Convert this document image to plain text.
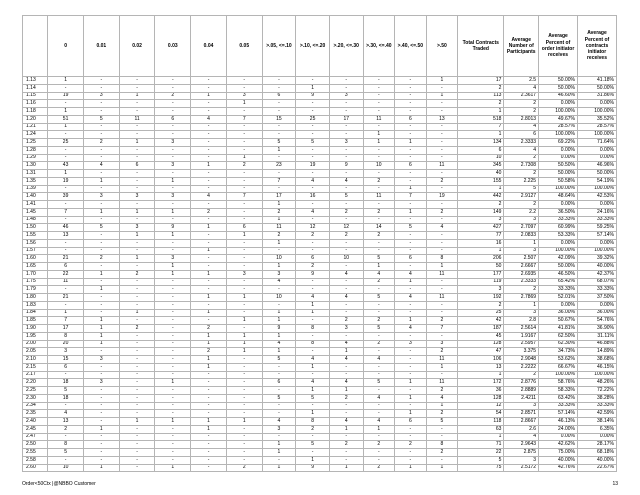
	0	0.01	0.02	0.03	0.04	0.05	>.05, <=.10	>.10, <=.20	>.20, <=.30	>.30, <=.40	>.40, <=.50	>.50	Total Contracts Traded	Average Number of Participants	Average Percent of order initiator receives	Average Percent of contracts initiator receives
1.13	1	-	-	-	-	-	-	-	-	-	-	1	17	2.5	50.00%	41.18%
1.14	-	-	-	-	-	-	-	1	-	-	-	-	2	4	50.00%	50.00%
1.15	19	3	1	2	1	3	6	9	3	-	-	1	113	2.3617	46.60%	31.86%
1.16	-	-	-	-	-	1	-	-	-	-	-	-	2	2	0.00%	0.00%
1.18	1	-	-	-	-	-	-	-	-	-	-	-	1	2	100.00%	100.00%
1.20	51	5	11	6	4	7	15	25	17	11	6	13	518	2.8013	49.67%	35.52%
1.21	1	-	-	-	-	-	-	-	-	-	-	-	7	4	28.57%	28.57%
1.24	-	-	-	-	-	-	-	-	-	1	-	-	1	6	100.00%	100.00%
1.25	25	2	1	3	-	-	5	5	3	1	1	-	134	2.3333	69.22%	71.64%
1.28	-	-	-	-	-	-	1	-	-	-	-	-	6	4	0.00%	0.00%
1.29	-	-	-	-	-	1	-	-	-	-	-	-	10	2	0.00%	0.00%
1.30	43	4	6	3	1	2	23	19	9	10	6	11	345	2.7308	50.50%	46.96%
1.31	1	-	-	-	-	-	-	-	-	-	-	-	40	2	50.00%	50.00%
1.35	19	1	-	1	-	-	7	4	4	2	-	2	155	2.225	50.58%	54.19%
1.39	-	-	-	-	-	-	-	-	-	-	1	-	1	5	100.00%	100.00%
1.40	39	3	3	3	4	7	17	16	5	11	7	19	442	2.9127	48.64%	42.53%
1.41	-	-	-	-	-	-	1	-	-	-	-	-	2	2	0.00%	0.00%
1.45	7	1	1	1	2	-	2	4	2	2	1	2	149	2.2	36.50%	24.16%
1.48	-	-	-	-	-	-	1	-	-	-	-	-	3	3	33.33%	33.33%
1.50	46	5	3	9	1	6	11	12	12	14	5	4	427	2.7097	60.99%	59.25%
1.55	13	-	1	1	-	1	2	2	2	2	-	-	77	2.0833	53.33%	57.14%
1.56	-	-	-	-	-	-	1	-	-	-	-	-	16	1	0.00%	0.00%
1.57	-	-	-	-	1	-	-	-	-	-	-	-	1	3	100.00%	100.00%
1.60	21	2	1	3	-	-	10	6	10	5	6	8	206	2.507	42.09%	39.32%
1.65	6	-	-	1	-	-	1	2	-	1	-	1	50	2.6667	50.00%	40.00%
1.70	22	1	2	1	1	3	3	9	4	4	4	11	177	2.6935	46.50%	42.37%
1.75	11	-	-	-	-	-	4	-	-	2	1	-	119	2.3333	65.42%	68.07%
1.79	-	1	-	-	-	-	-	-	-	-	-	-	3	2	33.33%	33.33%
1.80	21	-	-	-	1	1	10	4	4	5	4	11	192	2.7869	52.01%	37.50%
1.83	-	-	-	-	-	-	-	1	-	-	-	-	2	1	0.00%	0.00%
1.84	1	-	1	-	1	-	1	1	-	-	-	-	25	3	36.00%	36.00%
1.85	7	1	-	-	-	1	1	-	2	2	1	2	42	2.8	50.67%	54.76%
1.90	17	1	2	-	2	-	9	8	3	5	4	7	187	2.5614	41.81%	36.90%
1.95	8	1	-	-	1	1	1	-	-	-	-	-	45	1.9167	62.50%	31.11%
2.00	20	1	-	-	1	1	4	8	4	2	3	3	128	2.5957	62.30%	46.88%
2.05	3	-	-	-	2	1	1	-	1	-	-	2	47	3.375	34.73%	14.89%
2.10	15	3	-	-	1	-	5	4	4	4	-	11	106	2.9048	53.62%	38.68%
2.15	6	-	-	-	1	-	-	1	-	-	-	1	13	2.2222	66.67%	46.15%
2.17	-	-	-	-	-	-	-	-	-	-	-	-	1	2	100.00%	100.00%
2.20	18	3	-	1	-	-	6	4	4	5	1	11	172	2.8776	58.76%	48.26%
2.25	5	-	-	-	-	-	-	1	1	-	-	2	36	2.8889	58.33%	72.22%
2.30	18	-	-	-	-	-	5	5	2	4	1	4	128	2.4211	63.42%	38.28%
2.34	-	-	-	-	-	-	-	-	-	-	-	1	12	3	33.33%	33.33%
2.35	4	-	-	-	-	-	-	1	-	-	1	2	54	2.8571	57.14%	42.59%
2.40	13	-	1	1	1	1	4	8	4	4	6	5	118	2.8667	46.13%	38.14%
2.45	2	1	-	-	1	-	3	2	1	1	-	-	63	2.6	24.00%	6.35%
2.47	-	-	-	-	-	-	-	-	-	-	-	-	1	4	0.00%	0.00%
2.50	8	-	-	-	-	-	1	5	2	2	2	8	71	2.9643	42.62%	28.17%
2.55	5	-	-	-	-	-	1	-	-	-	-	2	22	2.875	75.00%	68.18%
2.58	-	-	-	-	-	-	-	1	-	-	-	-	5	3	40.00%	40.00%
2.60	10	1	-	1	-	2	1	9	1	2	1	1	75	2.5172	42.76%	22.67%
Order<50Ctx |@NBBO Customer	13
